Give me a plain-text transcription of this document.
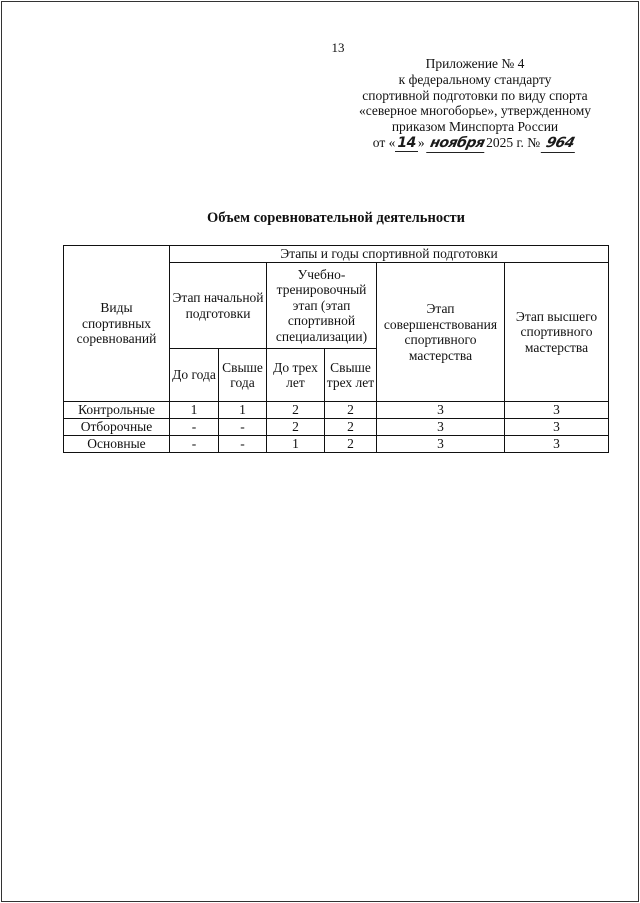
13
Приложение № 4
к федеральному стандарту
спортивной подготовки по виду спорта
«северное многоборье», утвержденному
приказом Минспорта России
от « 14 » ноября2025 г. № 964
Объем соревновательной деятельности
Виды спортивных соревнований	Этапы и годы спортивной подготовки					
	Этап начальной подготовки		Учебно-тренировочный этап (этап спортивной специализации)		Этап совершенствования спортивного мастерства	Этап высшего спортивного мастерства
	До года	Свыше года	До трех лет	Свыше трех лет		
Контрольные	1	1	2	2	3	3
Отборочные	-	-	2	2	3	3
Основные	-	-	1	2	3	3
